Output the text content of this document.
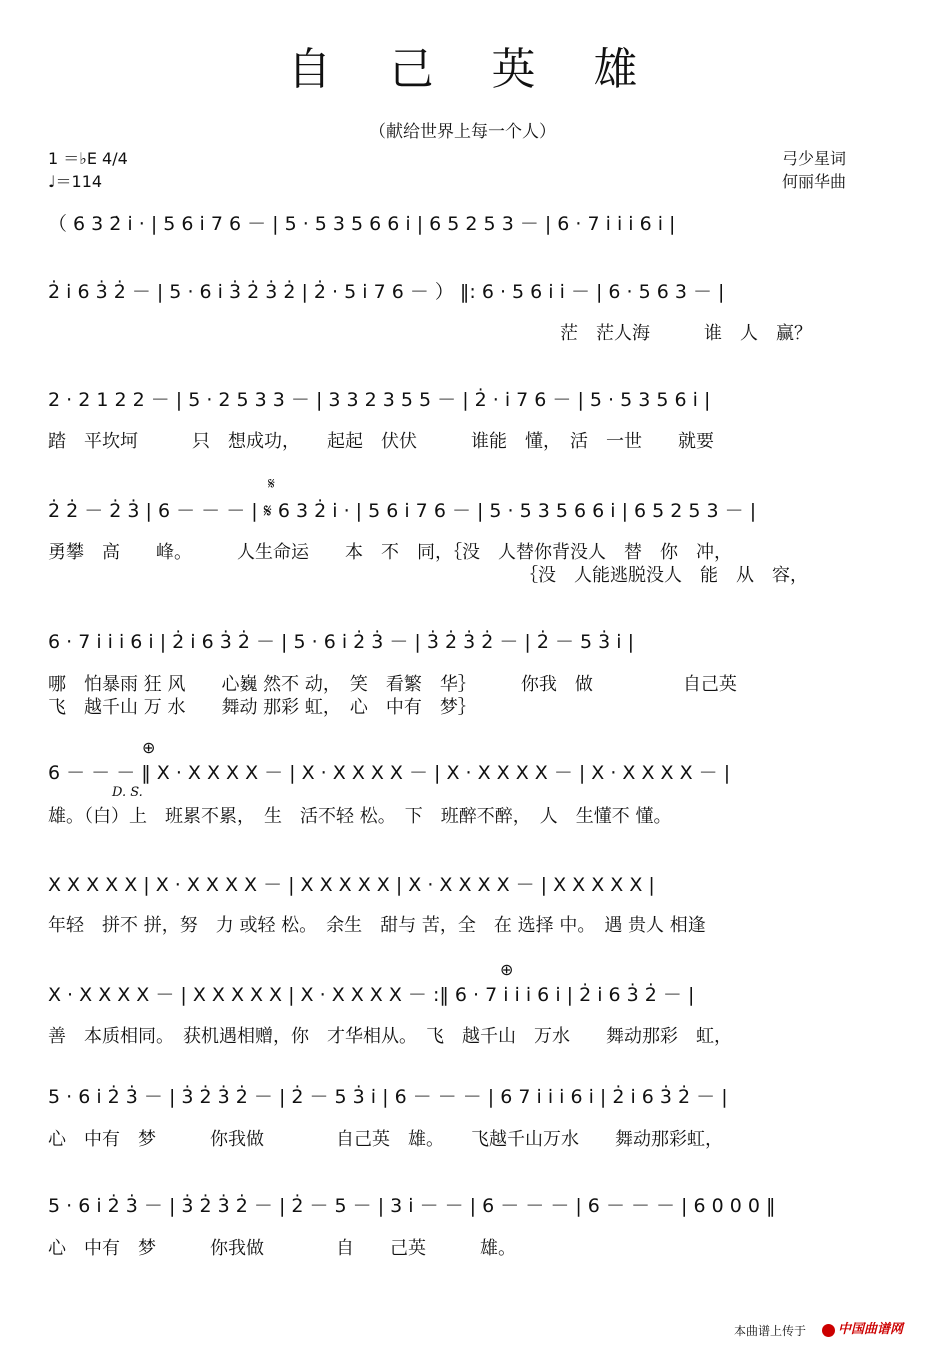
自 己 英 雄
（献给世界上每一个人）
1 ＝♭E 4/4
♩＝114
弓少星词
何丽华曲
（ 6 3 2̇ i̇ · | 5 6 i̇ 7 6 － | 5 · 5 3 5 6 6 i̇ | 6 5 2 5 3 － | 6 · 7 i̇ i̇ i̇ 6 i̇ |
2̇ i̇ 6 3̇ 2̇ － | 5 · 6 i̇ 3̇ 2̇ 3̇ 2̇ | 2̇ · 5 i̇ 7 6 － ） ‖: 6 · 5 6 i̇ i̇ － | 6 · 5 6 3 － |
茫　茫人海　　　谁　人　赢？
2 · 2 1 2 2 － | 5 · 2 5 3 3 － | 3 3 2 3 5 5 － | 2̇ · i̇ 7 6 － | 5 · 5 3 5 6 i̇ |
踏　平坎坷　　　只　想成功，　　起起　伏伏　　　谁能　懂，　活　一世　　就要
𝄋
2̇ 2̇ － 2̇ 3̇ | 6 － － － | 𝄋 6 3 2̇ i̇ · | 5 6 i̇ 7 6 － | 5 · 5 3 5 6 6 i̇ | 6 5 2 5 3 － |
勇攀　高　　峰。　　　人生命运　　本　不　同，｛没　人替你背没人　替　你　冲，
｛没　人能逃脱没人　能　从　容，
6 · 7 i̇ i̇ i̇ 6 i̇ | 2̇ i̇ 6 3̇ 2̇ － | 5 · 6 i̇ 2̇ 3̇ － | 3̇ 2̇ 3̇ 2̇ － | 2̇ － 5 3̇ i̇ |
哪　怕暴雨 狂 风　　心巍 然不 动，　笑　看繁　华｝　　　你我　做　　　　　自己英
飞　越千山 万 水　　舞动 那彩 虹，　心　中有　梦｝
⊕
6 － － － ‖ X · X X X X － | X · X X X X － | X · X X X X － | X · X X X X － |
D. S.
雄。（白）上　班累不累，　生　活不轻 松。　下　班醉不醉，　人　生懂不 懂。
X X X X X | X · X X X X － | X X X X X | X · X X X X － | X X X X X |
年轻　拼不 拼，努　力 或轻 松。　余生　甜与 苦，全　在 选择 中。　遇 贵人 相逢
⊕
X · X X X X － | X X X X X | X · X X X X － :‖ 6 · 7 i̇ i̇ i̇ 6 i̇ | 2̇ i̇ 6 3̇ 2̇ － |
善　本质相同。　获机遇相赠，你　才华相从。　飞　越千山　万水　　舞动那彩　虹，
5 · 6 i̇ 2̇ 3̇ － | 3̇ 2̇ 3̇ 2̇ － | 2̇ － 5 3̇ i̇ | 6 － － － | 6 7 i̇ i̇ i̇ 6 i̇ | 2̇ i̇ 6 3̇ 2̇ － |
心　中有　梦　　　你我做　　　　自己英　雄。　　飞越千山万水　　舞动那彩虹，
5 · 6 i̇ 2̇ 3̇ － | 3̇ 2̇ 3̇ 2̇ － | 2̇ － 5 － | 3 i̇ － － | 6 － － － | 6 － － － | 6 0 0 0 ‖
心　中有　梦　　　你我做　　　　自　　己英　　　雄。
本曲谱上传于 中国曲谱网
